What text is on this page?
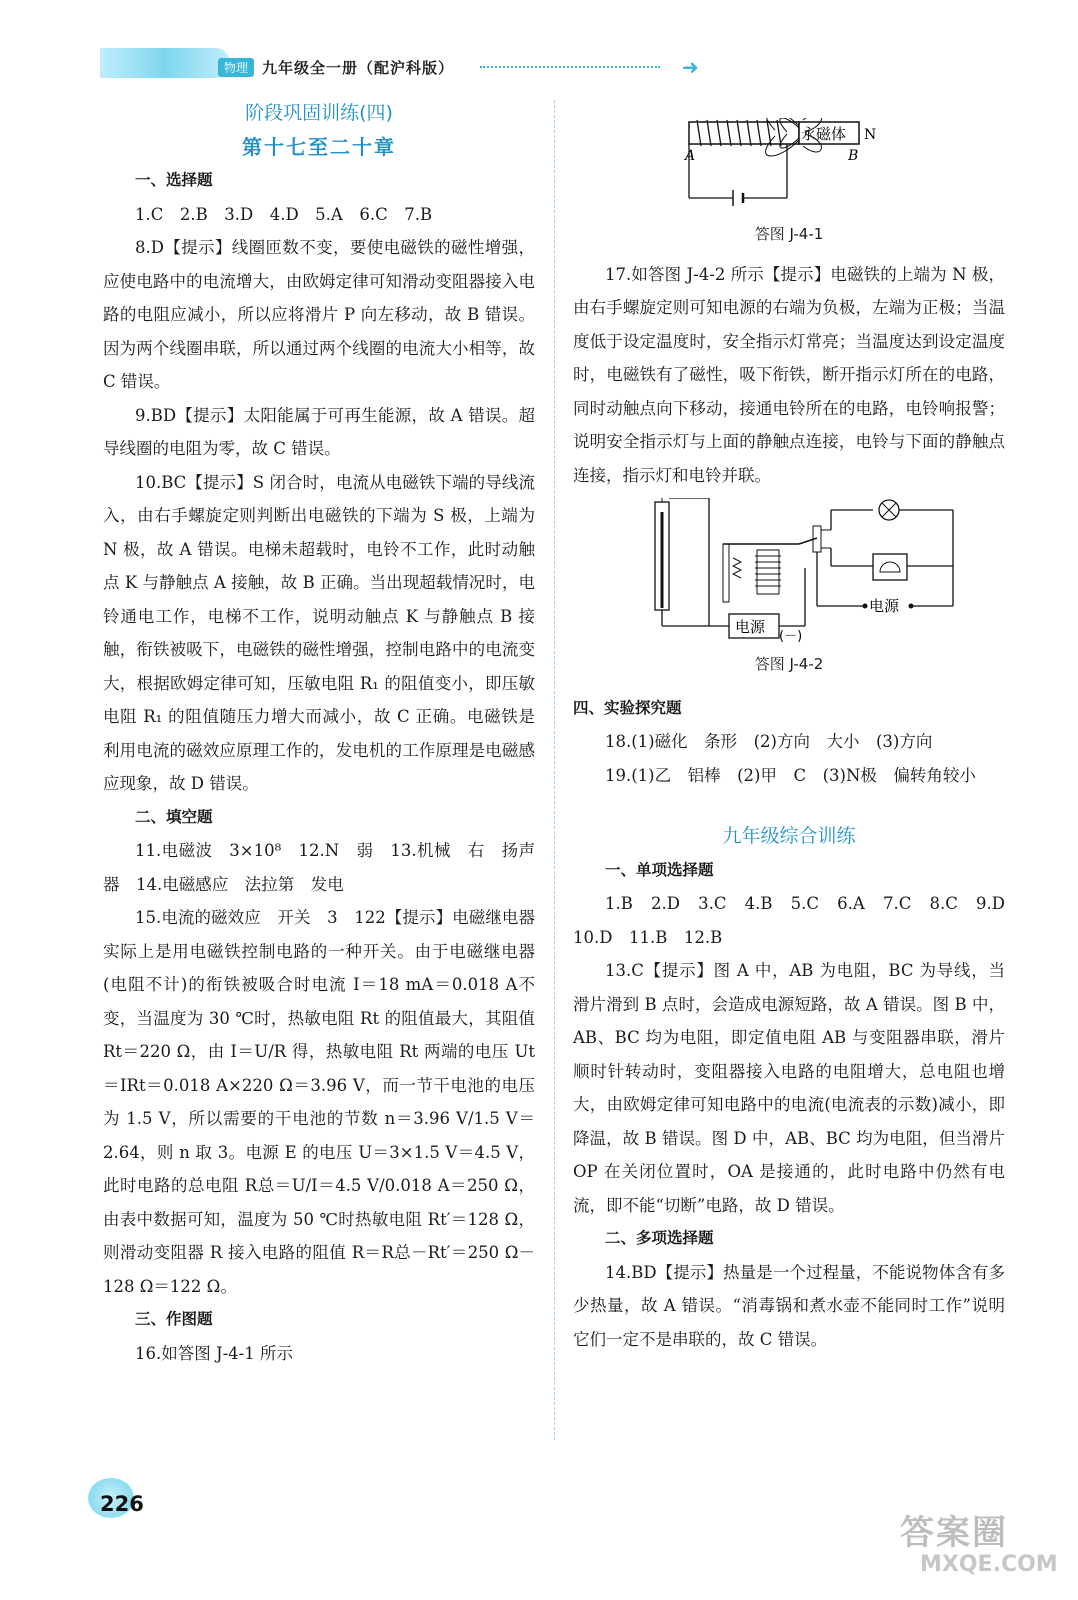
物理 九年级全一册（配沪科版）	➜
阶段巩固训练(四)
第十七至二十章
一、选择题

1.C　2.B　3.D　4.D　5.A　6.C　7.B

8.D【提示】线圈匝数不变，要使电磁铁的磁性增强，应使电路中的电流增大，由欧姆定律可知滑动变阻器接入电路的电阻应减小，所以应将滑片 P 向左移动，故 B 错误。因为两个线圈串联，所以通过两个线圈的电流大小相等，故 C 错误。

9.BD【提示】太阳能属于可再生能源，故 A 错误。超导线圈的电阻为零，故 C 错误。

10.BC【提示】S 闭合时，电流从电磁铁下端的导线流入，由右手螺旋定则判断出电磁铁的下端为 S 极，上端为 N 极，故 A 错误。电梯未超载时，电铃不工作，此时动触点 K 与静触点 A 接触，故 B 正确。当出现超载情况时，电铃通电工作，电梯不工作，说明动触点 K 与静触点 B 接触，衔铁被吸下，电磁铁的磁性增强，控制电路中的电流变大，根据欧姆定律可知，压敏电阻 R₁ 的阻值变小，即压敏电阻 R₁ 的阻值随压力增大而减小，故 C 正确。电磁铁是利用电流的磁效应原理工作的，发电机的工作原理是电磁感应现象，故 D 错误。

二、填空题

11.电磁波　3×10⁸　12.N　弱　13.机械　右　扬声器　14.电磁感应　法拉第　发电

15.电流的磁效应　开关　3　122【提示】电磁继电器实际上是用电磁铁控制电路的一种开关。由于电磁继电器(电阻不计)的衔铁被吸合时电流 I＝18 mA＝0.018 A不变，当温度为 30 ℃时，热敏电阻 Rt 的阻值最大，其阻值 Rt＝220 Ω，由 I＝U/R 得，热敏电阻 Rt 两端的电压 Ut＝IRt＝0.018 A×220 Ω＝3.96 V，而一节干电池的电压为 1.5 V，所以需要的干电池的节数 n＝3.96 V/1.5 V＝2.64，则 n 取 3。电源 E 的电压 U＝3×1.5 V＝4.5 V，此时电路的总电阻 R总＝U/I＝4.5 V/0.018 A＝250 Ω，由表中数据可知，温度为 50 ℃时热敏电阻 Rt′＝128 Ω，则滑动变阻器 R 接入电路的阻值 R＝R总－Rt′＝250 Ω－128 Ω＝122 Ω。

三、作图题

16.如答图 J-4-1 所示

永磁体 N
A	B
答图 J-4-1

17.如答图 J-4-2 所示【提示】电磁铁的上端为 N 极，由右手螺旋定则可知电源的右端为负极，左端为正极；当温度低于设定温度时，安全指示灯常亮；当温度达到设定温度时，电磁铁有了磁性，吸下衔铁，断开指示灯所在的电路，同时动触点向下移动，接通电铃所在的电路，电铃响报警；说明安全指示灯与上面的静触点连接，电铃与下面的静触点连接，指示灯和电铃并联。

电源
(－)
电源
答图 J-4-2
四、实验探究题

18.(1)磁化　条形　(2)方向　大小　(3)方向

19.(1)乙　铝棒　(2)甲　C　(3)N极　偏转角较小

九年级综合训练
一、单项选择题

1.B　2.D　3.C　4.B　5.C　6.A　7.C　8.C　9.D　10.D　11.B　12.B

13.C【提示】图 A 中，AB 为电阻，BC 为导线，当滑片滑到 B 点时，会造成电源短路，故 A 错误。图 B 中，AB、BC 均为电阻，即定值电阻 AB 与变阻器串联，滑片顺时针转动时，变阻器接入电路的电阻增大，总电阻也增大，由欧姆定律可知电路中的电流(电流表的示数)减小，即降温，故 B 错误。图 D 中，AB、BC 均为电阻，但当滑片 OP 在关闭位置时，OA 是接通的，此时电路中仍然有电流，即不能“切断”电路，故 D 错误。

二、多项选择题

14.BD【提示】热量是一个过程量，不能说物体含有多少热量，故 A 错误。“消毒锅和煮水壶不能同时工作”说明它们一定不是串联的，故 C 错误。

226
答案圈
MXQE.COM
